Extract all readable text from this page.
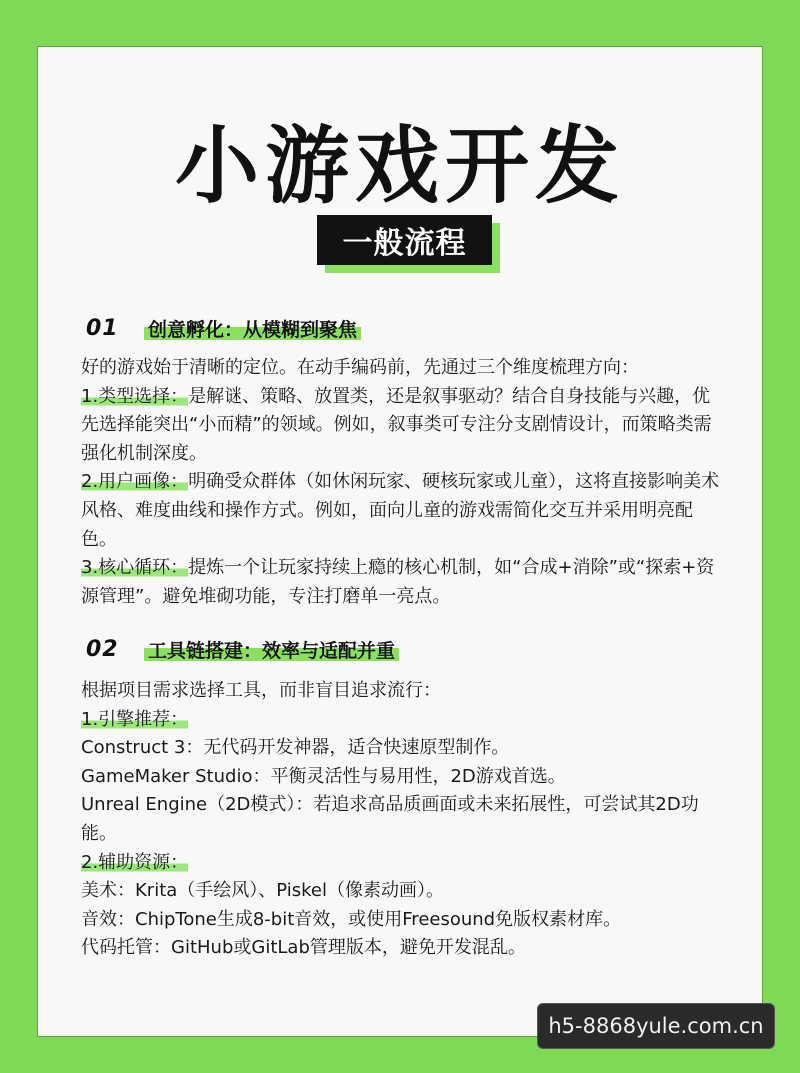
小游戏开发
一般流程
01	创意孵化：从模糊到聚焦

好的游戏始于清晰的定位。在动手编码前，先通过三个维度梳理方向：

1.类型选择：是解谜、策略、放置类，还是叙事驱动？结合自身技能与兴趣，优先选择能突出“小而精”的领域。例如，叙事类可专注分支剧情设计，而策略类需强化机制深度。

2.用户画像：明确受众群体（如休闲玩家、硬核玩家或儿童），这将直接影响美术风格、难度曲线和操作方式。例如，面向儿童的游戏需简化交互并采用明亮配色。

3.核心循环：提炼一个让玩家持续上瘾的核心机制，如“合成+消除”或“探索+资源管理”。避免堆砌功能，专注打磨单一亮点。

02	工具链搭建：效率与适配并重

根据项目需求选择工具，而非盲目追求流行：

1.引擎推荐：

Construct 3：无代码开发神器，适合快速原型制作。

GameMaker Studio：平衡灵活性与易用性，2D游戏首选。

Unreal Engine（2D模式）：若追求高品质画面或未来拓展性，可尝试其2D功能。

2.辅助资源：

美术：Krita（手绘风）、Piskel（像素动画）。

音效：ChipTone生成8-bit音效，或使用Freesound免版权素材库。

代码托管：GitHub或GitLab管理版本，避免开发混乱。

h5-8868yule.com.cn
